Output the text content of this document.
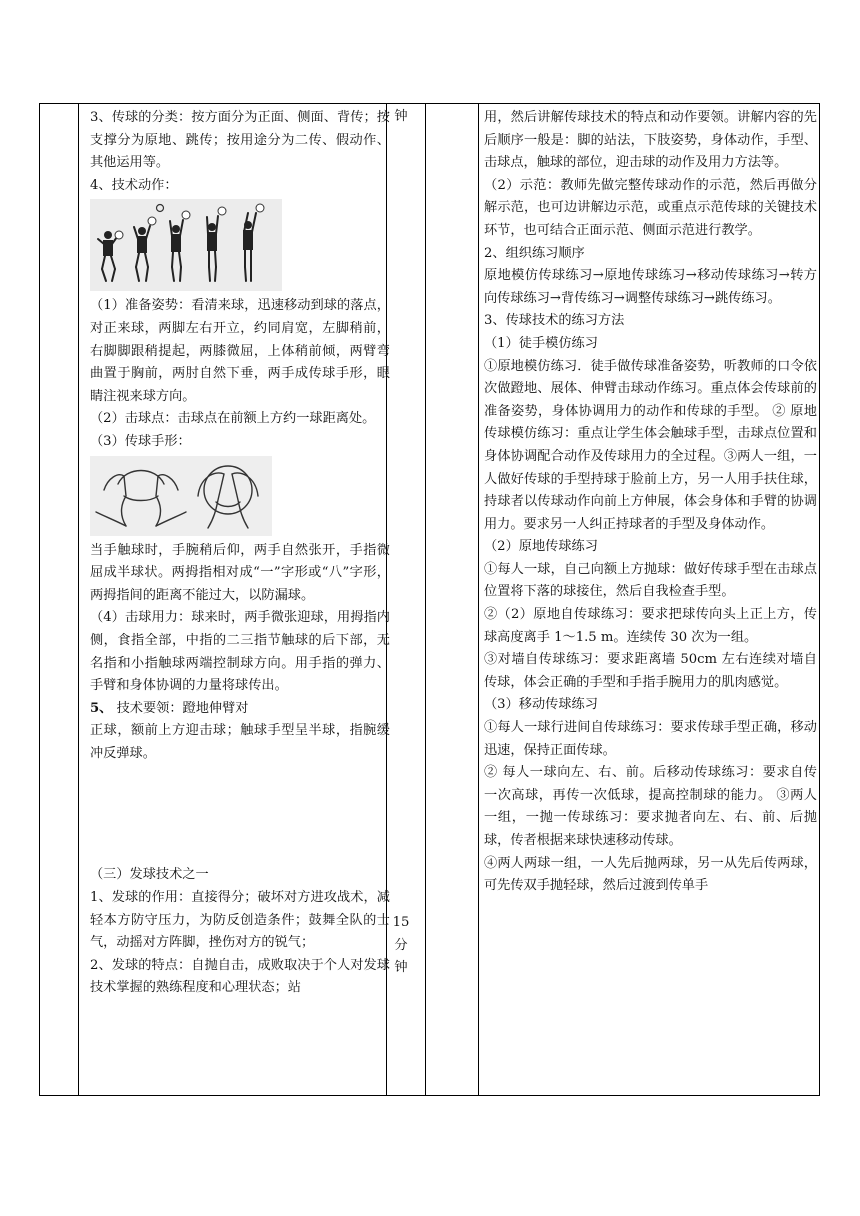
3、传球的分类：按方面分为正面、侧面、背传；按支撑分为原地、跳传；按用途分为二传、假动作、其他运用等。

4、技术动作：

（1）准备姿势：看清来球，迅速移动到球的落点，对正来球，两脚左右开立，约同肩宽，左脚稍前，右脚脚跟稍提起，两膝微屈，上体稍前倾，两臂弯曲置于胸前，两肘自然下垂，两手成传球手形，眼睛注视来球方向。

（2）击球点：击球点在前额上方约一球距离处。

（3）传球手形：

当手触球时，手腕稍后仰，两手自然张开，手指微屈成半球状。两拇指相对成“一”字形或“八”字形，两拇指间的距离不能过大，以防漏球。

（4）击球用力：球来时，两手微张迎球，用拇指内侧，食指全部，中指的二三指节触球的后下部，无名指和小指触球两端控制球方向。用手指的弹力、手臂和身体协调的力量将球传出。

5、 技术要领：蹬地伸臂对

正球，额前上方迎击球；触球手型呈半球，指腕缓冲反弹球。

（三）发球技术之一

1、发球的作用：直接得分；破坏对方进攻战术，减轻本方防守压力，为防反创造条件；鼓舞全队的士气，动摇对方阵脚，挫伤对方的锐气；

2、发球的特点：自抛自击，成败取决于个人对发球技术掌握的熟练程度和心理状态；站

钟
15
分
钟

用，然后讲解传球技术的特点和动作要领。讲解内容的先后顺序一般是：脚的站法，下肢姿势，身体动作，手型、击球点，触球的部位，迎击球的动作及用力方法等。

（2）示范：教师先做完整传球动作的示范，然后再做分解示范，也可边讲解边示范，或重点示范传球的关键技术环节，也可结合正面示范、侧面示范进行教学。

2、组织练习顺序

原地模仿传球练习→原地传球练习→移动传球练习→转方向传球练习→背传练习→调整传球练习→跳传练习。

3、传球技术的练习方法

（1）徒手模仿练习

①原地模仿练习．徒手做传球准备姿势，听教师的口令依次做蹬地、展体、伸臂击球动作练习。重点体会传球前的准备姿势，身体协调用力的动作和传球的手型。 ② 原地传球模仿练习：重点让学生体会触球手型，击球点位置和身体协调配合动作及传球用力的全过程。③两人一组，一人做好传球的手型持球于脸前上方，另一人用手扶住球，持球者以传球动作向前上方伸展，体会身体和手臂的协调用力。要求另一人纠正持球者的手型及身体动作。

（2）原地传球练习

①每人一球，自己向额上方抛球：做好传球手型在击球点位置将下落的球接住，然后自我检查手型。

②（2）原地自传球练习：要求把球传向头上正上方，传球高度离手 1～1.5 m。连续传 30 次为一组。

③对墙自传球练习：要求距离墙 50cm 左右连续对墙自传球，体会正确的手型和手指手腕用力的肌肉感觉。

（3）移动传球练习

①每人一球行进间自传球练习：要求传球手型正确，移动迅速，保持正面传球。

② 每人一球向左、右、前。后移动传球练习：要求自传一次高球，再传一次低球，提高控制球的能力。 ③两人一组，一抛一传球练习：要求抛者向左、右、前、后抛球，传者根据来球快速移动传球。

④两人两球一组，一人先后抛两球，另一从先后传两球，可先传双手抛轻球，然后过渡到传单手
